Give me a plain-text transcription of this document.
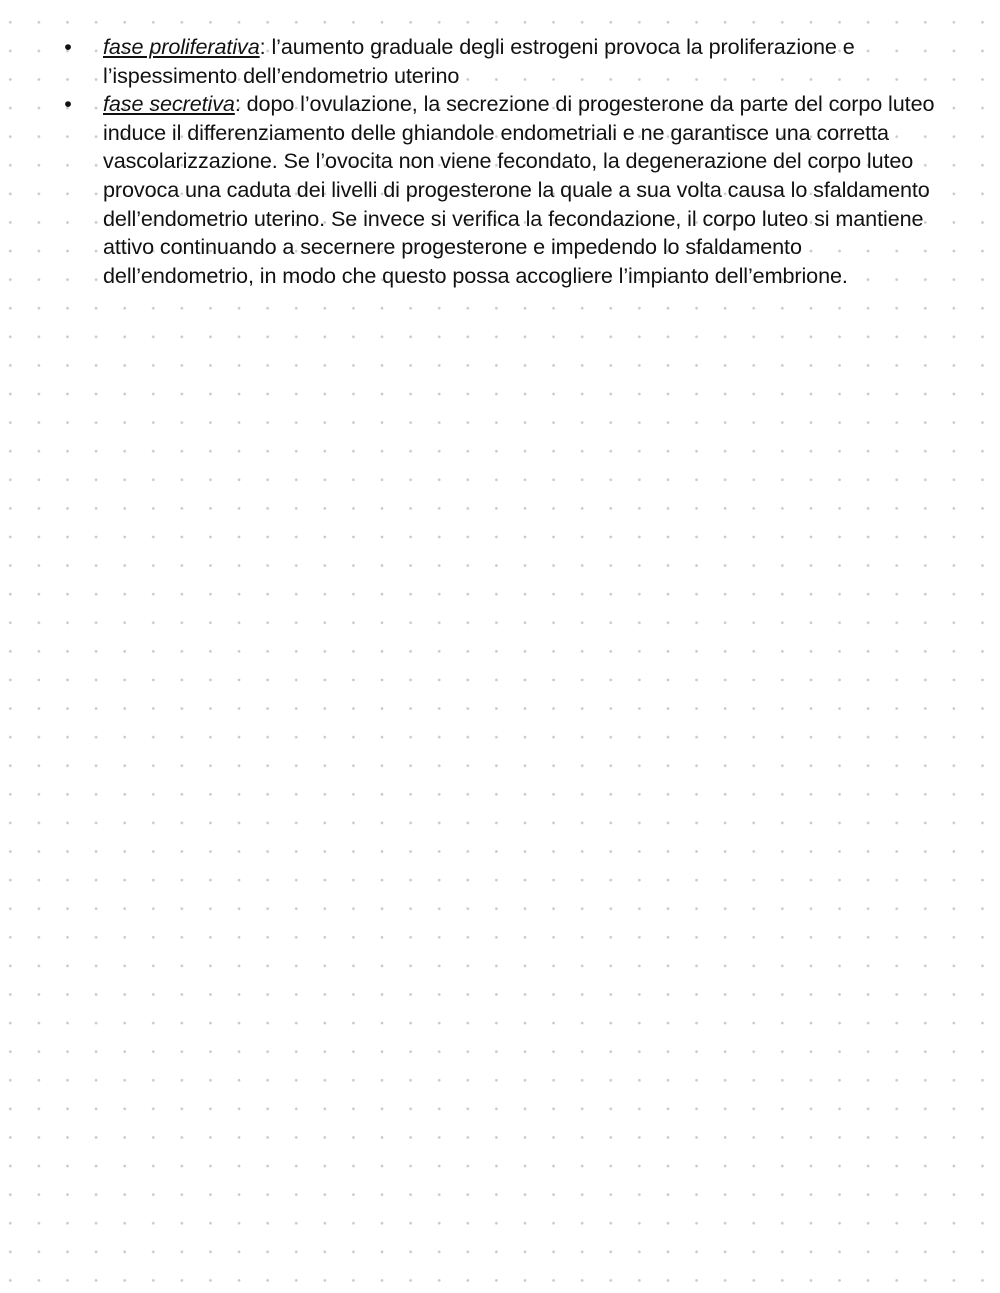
• fase proliferativa: l’aumento graduale degli estrogeni provoca la proliferazione e l’ispessimento dell’endometrio uterino
• fase secretiva: dopo l’ovulazione, la secrezione di progesterone da parte del corpo luteo induce il differenziamento delle ghiandole endometriali e ne garantisce una corretta vascolarizzazione. Se l’ovocita non viene fecondato, la degenerazione del corpo luteo provoca una caduta dei livelli di progesterone la quale a sua volta causa lo sfaldamento dell’endometrio uterino. Se invece si verifica la fecondazione, il corpo luteo si mantiene attivo continuando a secernere progesterone e impedendo lo sfaldamento dell’endometrio, in modo che questo possa accogliere l’impianto dell’embrione.
